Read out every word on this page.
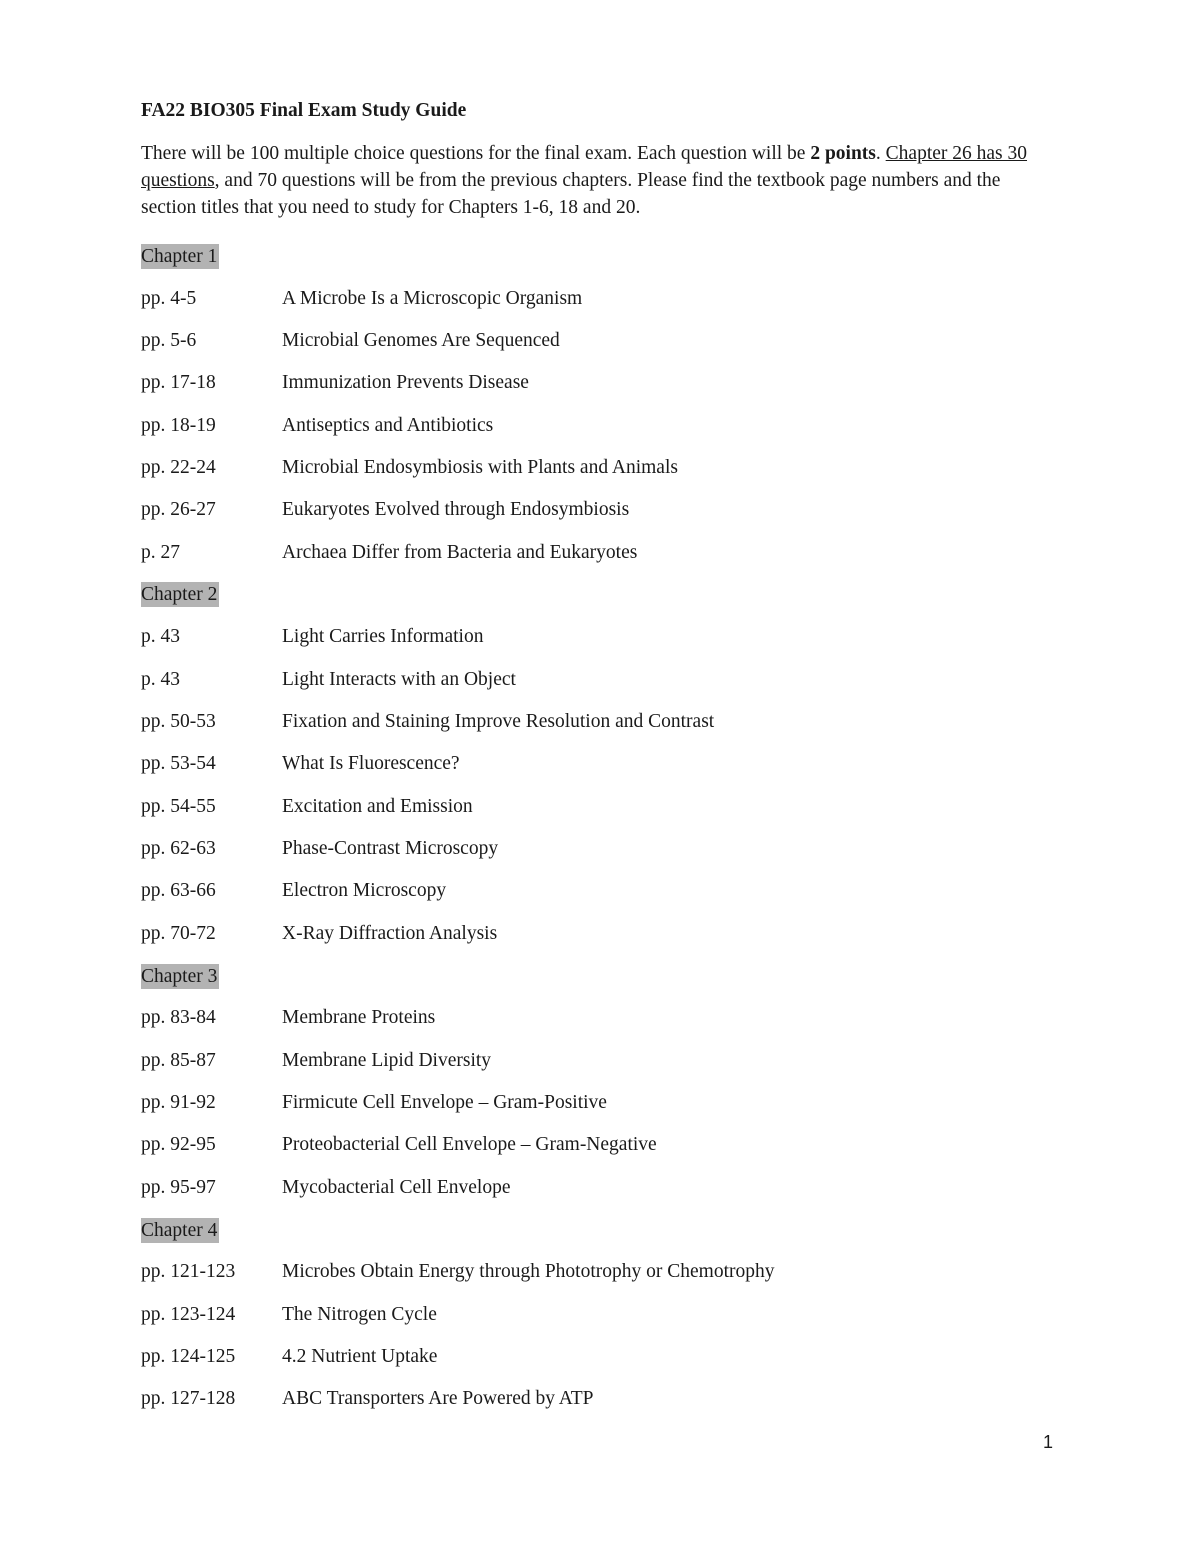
FA22 BIO305 Final Exam Study Guide
There will be 100 multiple choice questions for the final exam. Each question will be 2 points. Chapter 26 has 30 questions, and 70 questions will be from the previous chapters. Please find the textbook page numbers and the section titles that you need to study for Chapters 1-6, 18 and 20.
Chapter 1
pp. 4-5	A Microbe Is a Microscopic Organism
pp. 5-6	Microbial Genomes Are Sequenced
pp. 17-18	Immunization Prevents Disease
pp. 18-19	Antiseptics and Antibiotics
pp. 22-24	Microbial Endosymbiosis with Plants and Animals
pp. 26-27	Eukaryotes Evolved through Endosymbiosis
p. 27	Archaea Differ from Bacteria and Eukaryotes
Chapter 2
p. 43	Light Carries Information
p. 43	Light Interacts with an Object
pp. 50-53	Fixation and Staining Improve Resolution and Contrast
pp. 53-54	What Is Fluorescence?
pp. 54-55	Excitation and Emission
pp. 62-63	Phase-Contrast Microscopy
pp. 63-66	Electron Microscopy
pp. 70-72	X-Ray Diffraction Analysis
Chapter 3
pp. 83-84	Membrane Proteins
pp. 85-87	Membrane Lipid Diversity
pp. 91-92	Firmicute Cell Envelope – Gram-Positive
pp. 92-95	Proteobacterial Cell Envelope – Gram-Negative
pp. 95-97	Mycobacterial Cell Envelope
Chapter 4
pp. 121-123	Microbes Obtain Energy through Phototrophy or Chemotrophy
pp. 123-124	The Nitrogen Cycle
pp. 124-125	4.2 Nutrient Uptake
pp. 127-128	ABC Transporters Are Powered by ATP
1
